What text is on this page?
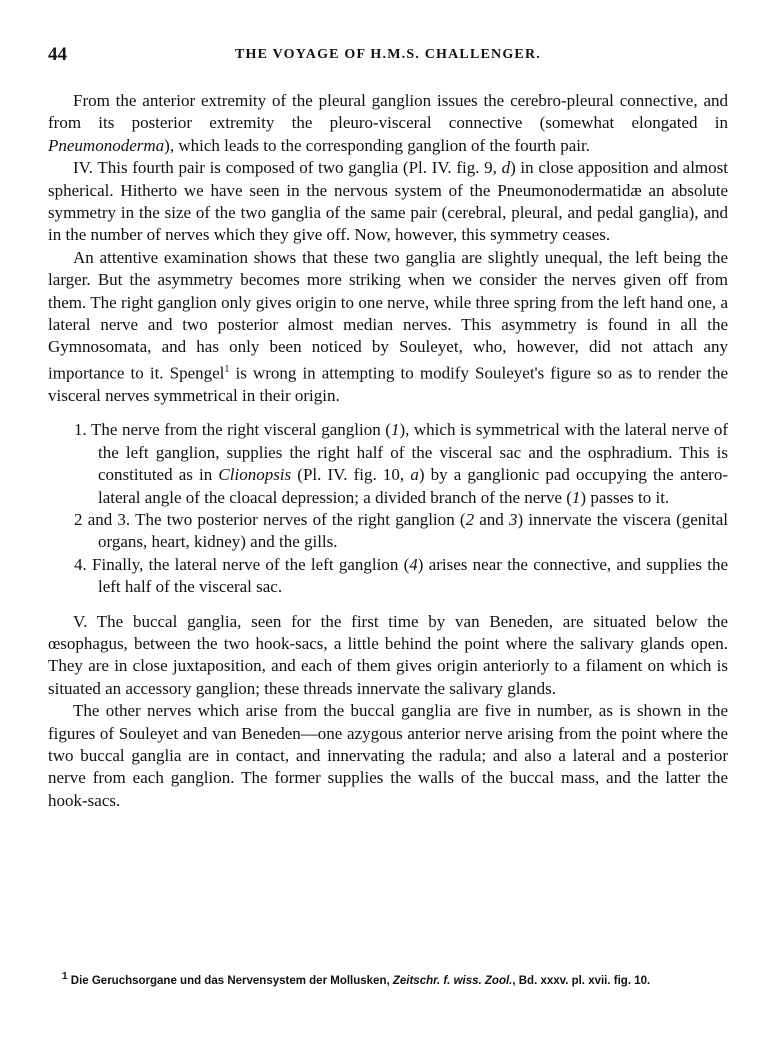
44	THE VOYAGE OF H.M.S. CHALLENGER.

From the anterior extremity of the pleural ganglion issues the cerebro-pleural connective, and from its posterior extremity the pleuro-visceral connective (somewhat elongated in Pneumonoderma), which leads to the corresponding ganglion of the fourth pair.

IV. This fourth pair is composed of two ganglia (Pl. IV. fig. 9, d) in close apposition and almost spherical. Hitherto we have seen in the nervous system of the Pneumonodermatidæ an absolute symmetry in the size of the two ganglia of the same pair (cerebral, pleural, and pedal ganglia), and in the number of nerves which they give off. Now, however, this symmetry ceases.

An attentive examination shows that these two ganglia are slightly unequal, the left being the larger. But the asymmetry becomes more striking when we consider the nerves given off from them. The right ganglion only gives origin to one nerve, while three spring from the left hand one, a lateral nerve and two posterior almost median nerves. This asymmetry is found in all the Gymnosomata, and has only been noticed by Souleyet, who, however, did not attach any importance to it. Spengel$^1$ is wrong in attempting to modify Souleyet's figure so as to render the visceral nerves symmetrical in their origin.

1. The nerve from the right visceral ganglion (1), which is symmetrical with the lateral nerve of the left ganglion, supplies the right half of the visceral sac and the osphradium. This is constituted as in Clionopsis (Pl. IV. fig. 10, a) by a ganglionic pad occupying the antero-lateral angle of the cloacal depression; a divided branch of the nerve (1) passes to it.
2 and 3. The two posterior nerves of the right ganglion (2 and 3) innervate the viscera (genital organs, heart, kidney) and the gills.
4. Finally, the lateral nerve of the left ganglion (4) arises near the connective, and supplies the left half of the visceral sac.

V. The buccal ganglia, seen for the first time by van Beneden, are situated below the œsophagus, between the two hook-sacs, a little behind the point where the salivary glands open. They are in close juxtaposition, and each of them gives origin anteriorly to a filament on which is situated an accessory ganglion; these threads innervate the salivary glands.

The other nerves which arise from the buccal ganglia are five in number, as is shown in the figures of Souleyet and van Beneden—one azygous anterior nerve arising from the point where the two buccal ganglia are in contact, and innervating the radula; and also a lateral and a posterior nerve from each ganglion. The former supplies the walls of the buccal mass, and the latter the hook-sacs.

$^1$ Die Geruchsorgane und das Nervensystem der Mollusken, Zeitschr. f. wiss. Zool., Bd. xxxv. pl. xvii. fig. 10.
